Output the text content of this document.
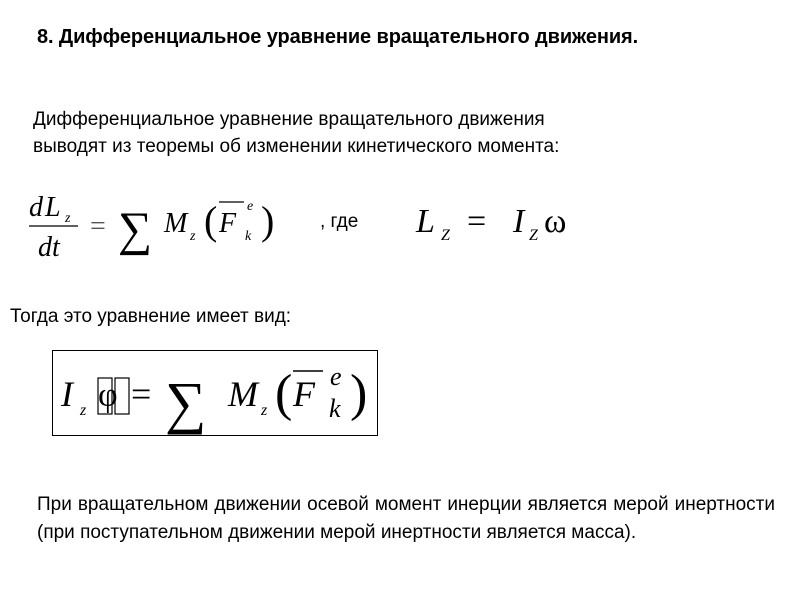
8. Дифференциальное уравнение вращательного движения.
Дифференциальное уравнение вращательного движения
выводят из теоремы об изменении кинетического момента:
d L z
dt
= ∑ M z ( F
e
k )	L Z = I Z ω
, где
Тогда это уравнение имеет вид:
I z φ = ∑ M z ( F e
k )
При вращательном движении осевой момент инерции является мерой инертности (при поступательном движении мерой инертности является масса).
